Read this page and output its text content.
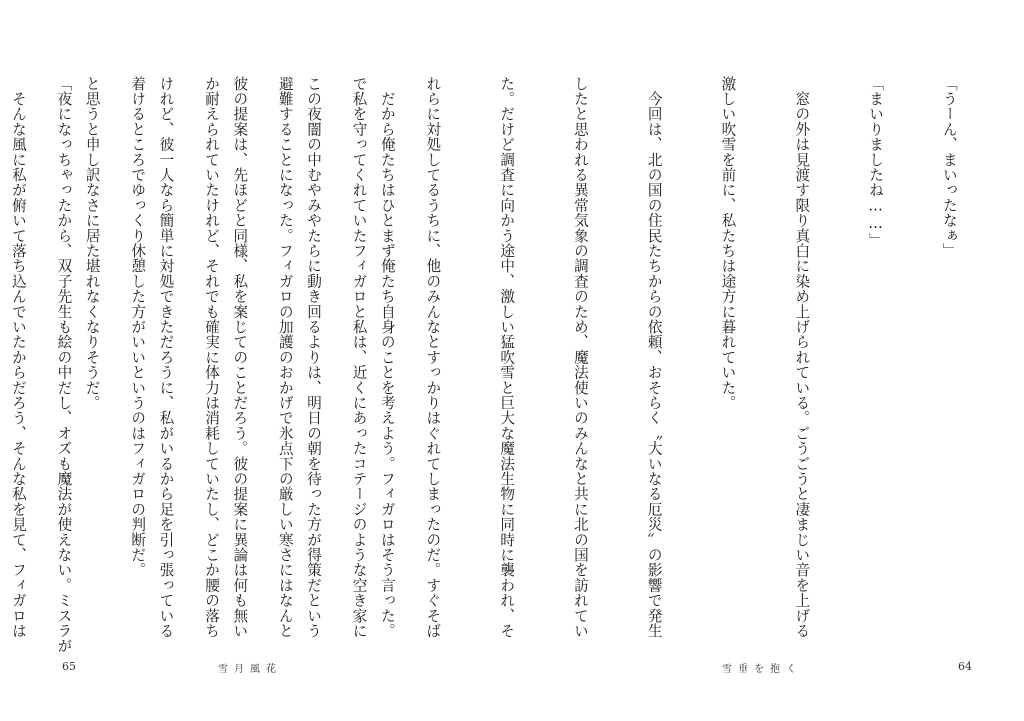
　だから俺たちはひとまず俺たち自身のことを考えよう。フィガロはそう言った。

この夜闇の中むやみやたらに動き回るよりは、明日の朝を待った方が得策だという

彼の提案は、先ほどと同様、私を案じてのことだろう。彼の提案に異論は何も無い

けれど、彼一人なら簡単に対処できただろうに、私がいるから足を引っ張っている

と思うと申し訳なさに居た堪れなくなりそうだ。

　そんな風に私が俯いて落ち込んでいたからだろう、そんな私を見て、フィガロは

65	雪月風花

「うーん、まいったなぁ」

「まいりましたね……」

　窓の外は見渡す限り真白に染め上げられている。ごうごうと凄まじい音を上げる

激しい吹雪を前に、私たちは途方に暮れていた。

　今回は、北の国の住民たちからの依頼、おそらく〝大いなる厄災〟の影響で発生

したと思われる異常気象の調査のため、魔法使いのみんなと共に北の国を訪れてい

た。だけど調査に向かう途中、激しい猛吹雪と巨大な魔法生物に同時に襲われ、そ

れらに対処してるうちに、他のみんなとすっかりはぐれてしまったのだ。すぐそば

で私を守ってくれていたフィガロと私は、近くにあったコテージのような空き家に

避難することになった。フィガロの加護のおかげで氷点下の厳しい寒さにはなんと

か耐えられていたけれど、それでも確実に体力は消耗していたし、どこか腰の落ち

着けるところでゆっくり休憩した方がいいというのはフィガロの判断だ。

「夜になっちゃったから、双子先生も絵の中だし、オズも魔法が使えない。ミスラが

雪垂を抱く	64
